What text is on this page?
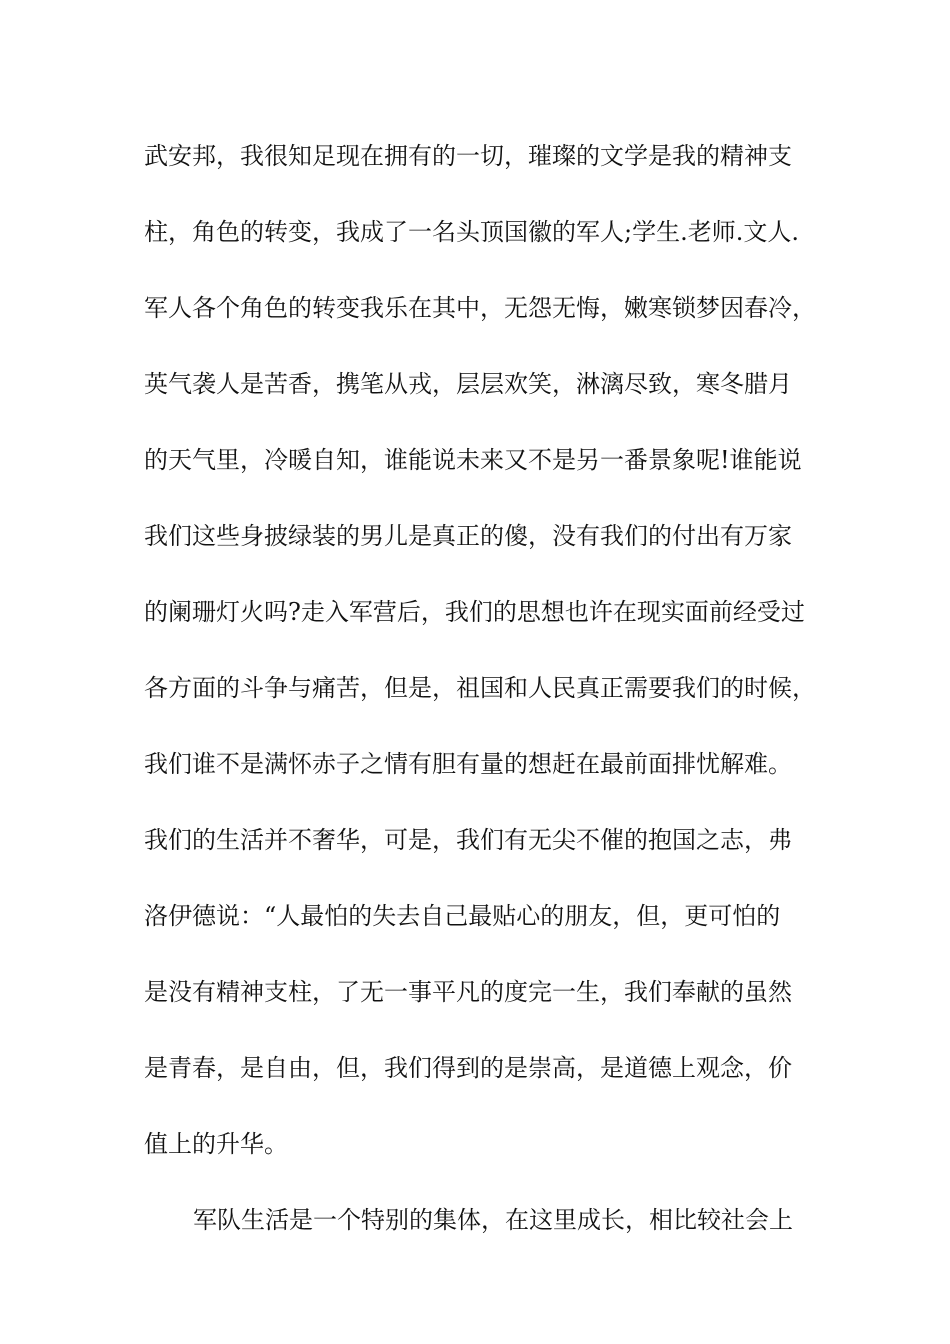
武安邦，我很知足现在拥有的一切，璀璨的文学是我的精神支
柱，角色的转变，我成了一名头顶国徽的军人;学生.老师.文人.
军人各个角色的转变我乐在其中，无怨无悔，嫩寒锁梦因春冷，
英气袭人是苦香，携笔从戎，层层欢笑，淋漓尽致，寒冬腊月
的天气里，冷暖自知，谁能说未来又不是另一番景象呢!谁能说
我们这些身披绿装的男儿是真正的傻，没有我们的付出有万家
的阑珊灯火吗?走入军营后，我们的思想也许在现实面前经受过
各方面的斗争与痛苦，但是，祖国和人民真正需要我们的时候，
我们谁不是满怀赤子之情有胆有量的想赶在最前面排忧解难。
我们的生活并不奢华，可是，我们有无尖不催的抱国之志，弗
洛伊德说：“人最怕的失去自己最贴心的朋友，但，更可怕的
是没有精神支柱，了无一事平凡的度完一生，我们奉献的虽然
是青春，是自由，但，我们得到的是崇高，是道德上观念，价
值上的升华。
军队生活是一个特别的集体，在这里成长，相比较社会上
